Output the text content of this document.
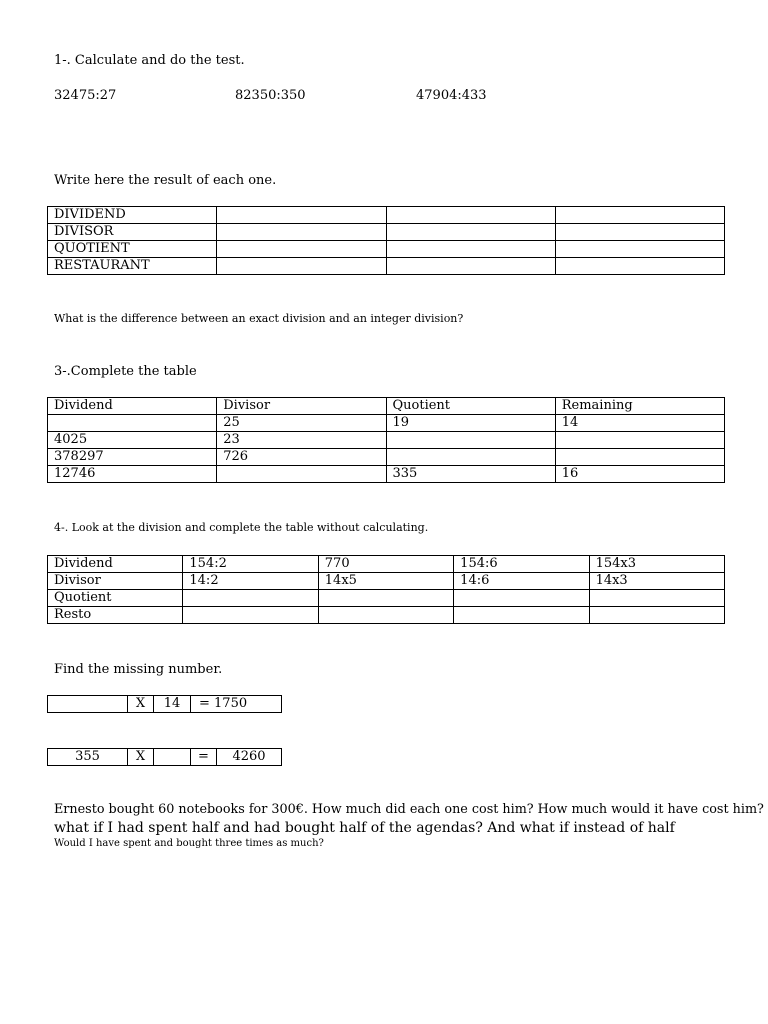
1-. Calculate and do the test.
32475:27	82350:350	47904:433
Write here the result of each one.
DIVIDEND			
DIVISOR			
QUOTIENT			
RESTAURANT			
What is the difference between an exact division and an integer division?
3-.Complete the table
Dividend	Divisor	Quotient	Remaining
	25	19	14
4025	23		
378297	726		
12746		335	16
4-. Look at the division and complete the table without calculating.
Dividend	154:2	770	154:6	154x3
Divisor	14:2	14x5	14:6	14x3
Quotient				
Resto				
Find the missing number.
	X	14	= 1750
355	X		=	4260
Ernesto bought 60 notebooks for 300€. How much did each one cost him? How much would it have cost him?
what if I had spent half and had bought half of the agendas? And what if instead of half
Would I have spent and bought three times as much?
